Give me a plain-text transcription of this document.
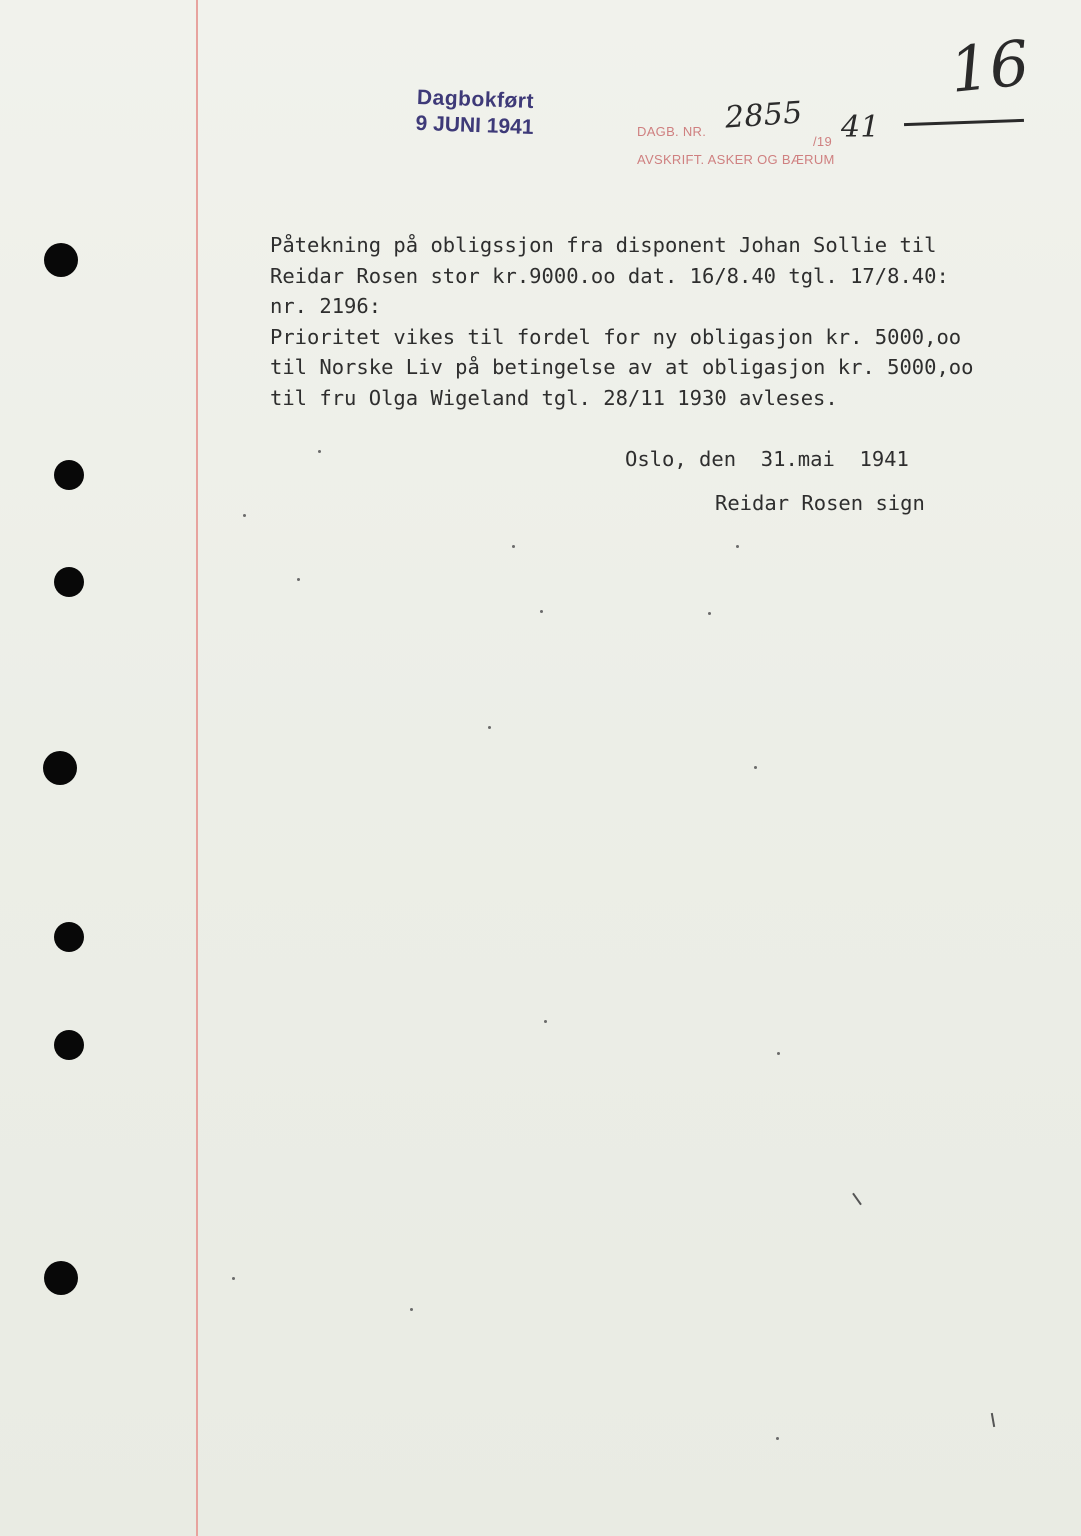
Dagbokført
9 JUNI 1941	DAGB. NR. 2855
/19 41
AVSKRIFT. ASKER OG BÆRUM
16
Påtekning på obligssjon fra disponent Johan Sollie til
Reidar Rosen stor kr.9000.oo dat. 16/8.40 tgl. 17/8.40:
nr. 2196:
Prioritet vikes til fordel for ny obligasjon kr. 5000,oo
til Norske Liv på betingelse av at obligasjon kr. 5000,oo
til fru Olga Wigeland tgl. 28/11 1930 avleses.
Oslo, den  31.mai  1941
Reidar Rosen sign
